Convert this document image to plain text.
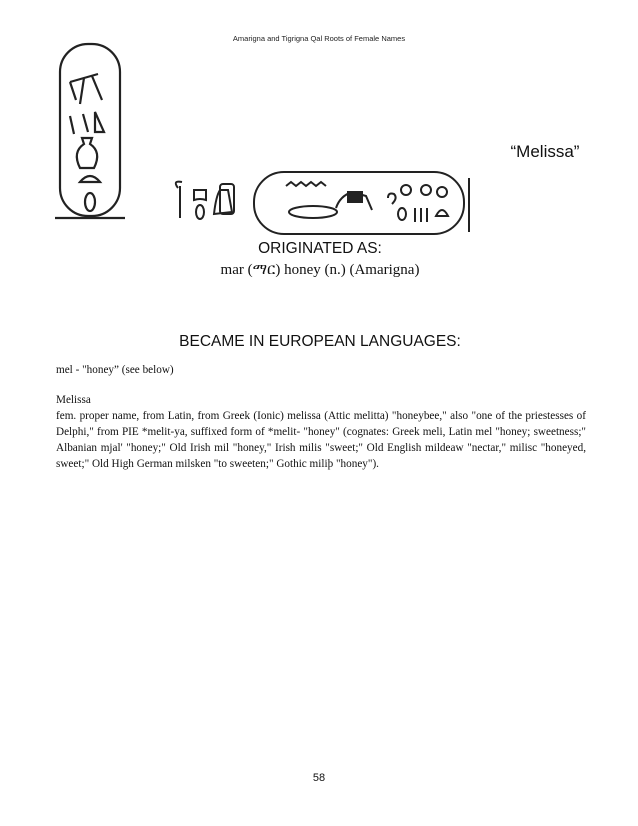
Amarigna and Tigrigna Qal Roots of Female Names
“Melissa”
ORIGINATED AS:
mar (ማር) honey (n.) (Amarigna)
BECAME IN EUROPEAN LANGUAGES:
mel - "honey” (see below)
Melissa
fem. proper name, from Latin, from Greek (Ionic) melissa (Attic melitta) "honeybee," also "one of the priestesses of Delphi," from PIE *melit-ya, suffixed form of *melit- "honey" (cognates: Greek meli, Latin mel "honey; sweetness;" Albanian mjal' "honey;" Old Irish mil "honey," Irish milis "sweet;" Old English mildeaw "nectar," milisc "honeyed, sweet;" Old High German milsken "to sweeten;" Gothic miliþ "honey").
58
